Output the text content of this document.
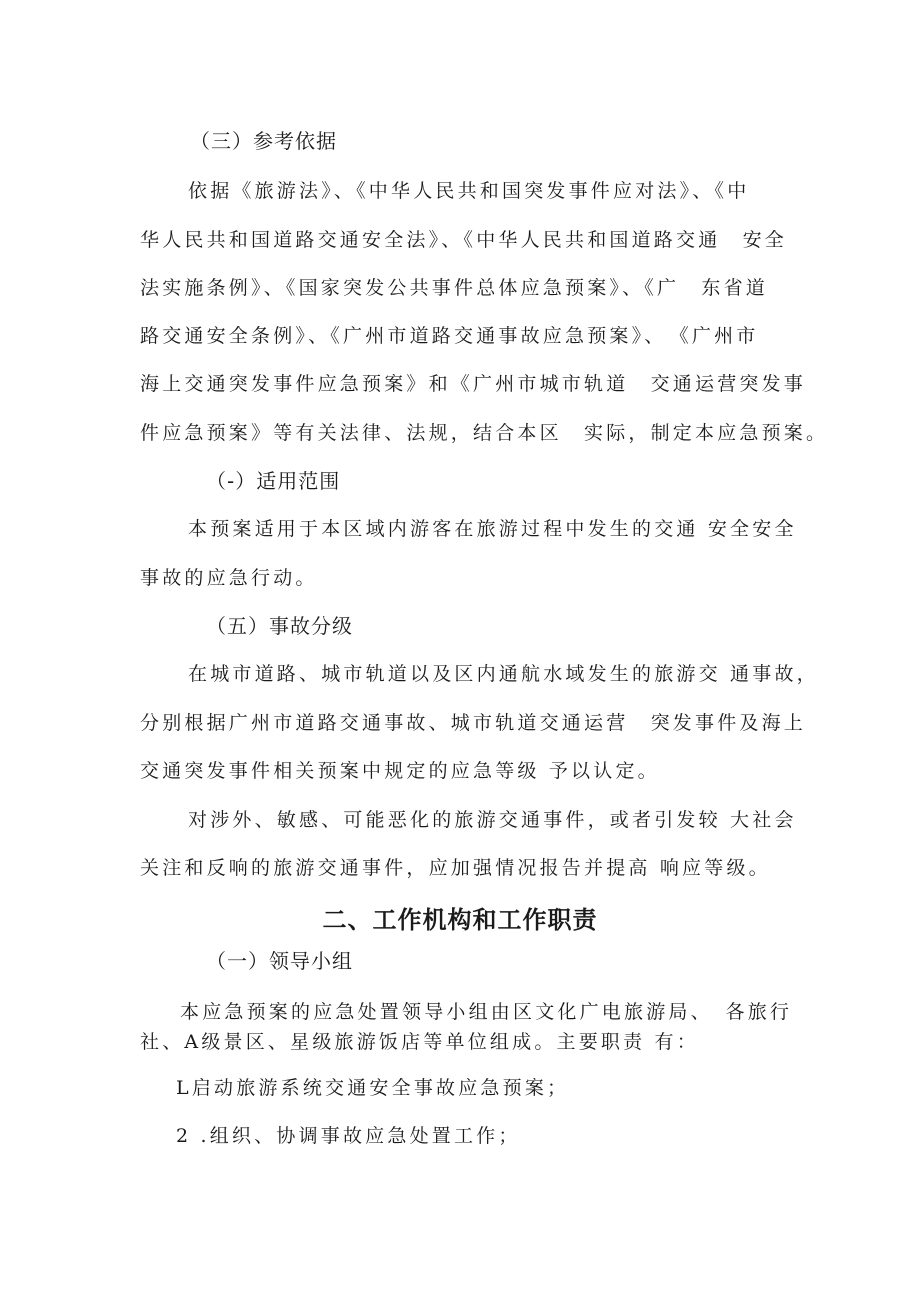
（三）参考依据
依据《旅游法》、《中华人民共和国突发事件应对法》、《中
华人民共和国道路交通安全法》、《中华人民共和国道路交通　安全
法实施条例》、《国家突发公共事件总体应急预案》、《广　东省道
路交通安全条例》、《广州市道路交通事故应急预案》、　《广州市
海上交通突发事件应急预案》和《广州市城市轨道　交通运营突发事
件应急预案》等有关法律、法规，结合本区　实际，制定本应急预案。
（-）适用范围
本预案适用于本区域内游客在旅游过程中发生的交通 安全安全
事故的应急行动。
（五）事故分级
在城市道路、城市轨道以及区内通航水域发生的旅游交 通事故，
分别根据广州市道路交通事故、城市轨道交通运营　突发事件及海上
交通突发事件相关预案中规定的应急等级 予以认定。
对涉外、敏感、可能恶化的旅游交通事件，或者引发较 大社会
关注和反响的旅游交通事件，应加强情况报告并提高 响应等级。
二、工作机构和工作职责
（一）领导小组
本应急预案的应急处置领导小组由区文化广电旅游局、　各旅行
社、A级景区、星级旅游饭店等单位组成。主要职责 有：
L启动旅游系统交通安全事故应急预案；
2 .组织、协调事故应急处置工作；
